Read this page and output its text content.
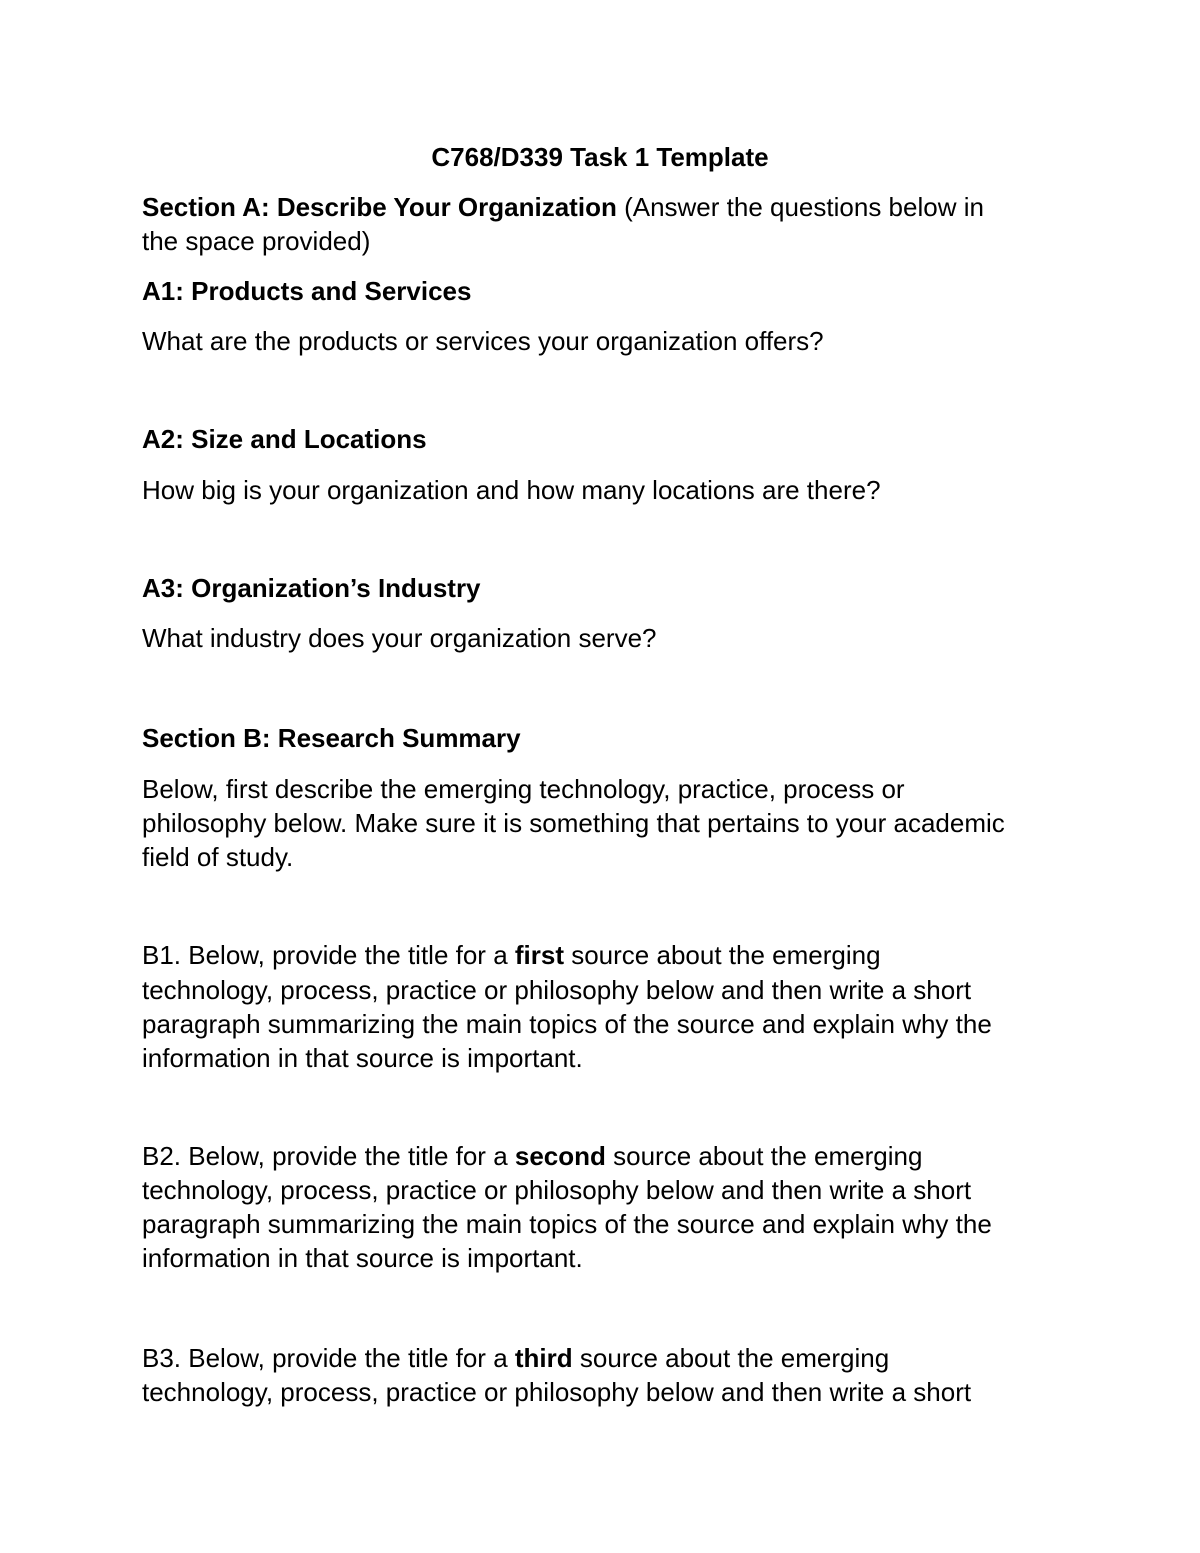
C768/D339 Task 1 Template
Section A: Describe Your Organization (Answer the questions below in
the space provided)
A1: Products and Services
What are the products or services your organization offers?
A2: Size and Locations
How big is your organization and how many locations are there?
A3: Organization’s Industry
What industry does your organization serve?
Section B: Research Summary
Below, first describe the emerging technology, practice, process or
philosophy below. Make sure it is something that pertains to your academic
field of study.
B1. Below, provide the title for a first source about the emerging
technology, process, practice or philosophy below and then write a short
paragraph summarizing the main topics of the source and explain why the
information in that source is important.
B2. Below, provide the title for a second source about the emerging
technology, process, practice or philosophy below and then write a short
paragraph summarizing the main topics of the source and explain why the
information in that source is important.
B3. Below, provide the title for a third source about the emerging
technology, process, practice or philosophy below and then write a short
